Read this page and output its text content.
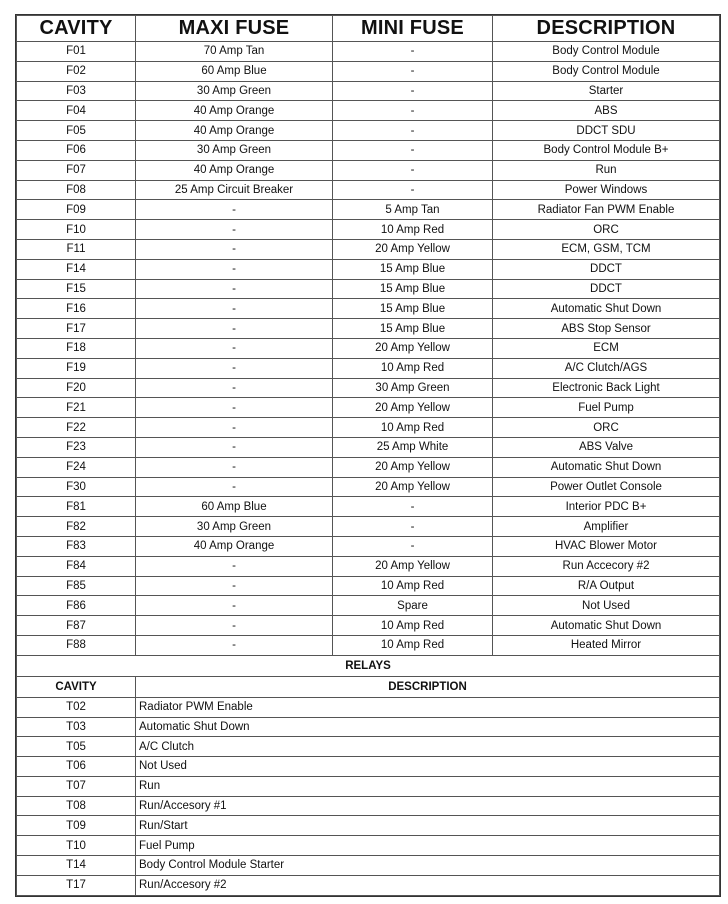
CAVITY	MAXI FUSE	MINI FUSE	DESCRIPTION
F01	70 Amp Tan	-	Body Control Module
F02	60 Amp Blue	-	Body Control Module
F03	30 Amp Green	-	Starter
F04	40 Amp Orange	-	ABS
F05	40 Amp Orange	-	DDCT SDU
F06	30 Amp Green	-	Body Control Module B+
F07	40 Amp Orange	-	Run
F08	25 Amp Circuit Breaker	-	Power Windows
F09	-	5 Amp Tan	Radiator Fan PWM Enable
F10	-	10 Amp Red	ORC
F11	-	20 Amp Yellow	ECM, GSM, TCM
F14	-	15 Amp Blue	DDCT
F15	-	15 Amp Blue	DDCT
F16	-	15 Amp Blue	Automatic Shut Down
F17	-	15 Amp Blue	ABS Stop Sensor
F18	-	20 Amp Yellow	ECM
F19	-	10 Amp Red	A/C Clutch/AGS
F20	-	30 Amp Green	Electronic Back Light
F21	-	20 Amp Yellow	Fuel Pump
F22	-	10 Amp Red	ORC
F23	-	25 Amp White	ABS Valve
F24	-	20 Amp Yellow	Automatic Shut Down
F30	-	20 Amp Yellow	Power Outlet Console
F81	60 Amp Blue	-	Interior PDC B+
F82	30 Amp Green	-	Amplifier
F83	40 Amp Orange	-	HVAC Blower Motor
F84	-	20 Amp Yellow	Run Accecory #2
F85	-	10 Amp Red	R/A Output
F86	-	Spare	Not Used
F87	-	10 Amp Red	Automatic Shut Down
F88	-	10 Amp Red	Heated Mirror
RELAYS			
CAVITY	DESCRIPTION		
T02	Radiator PWM Enable		
T03	Automatic Shut Down		
T05	A/C Clutch		
T06	Not Used		
T07	Run		
T08	Run/Accesory #1		
T09	Run/Start		
T10	Fuel Pump		
T14	Body Control Module Starter		
T17	Run/Accesory #2		
